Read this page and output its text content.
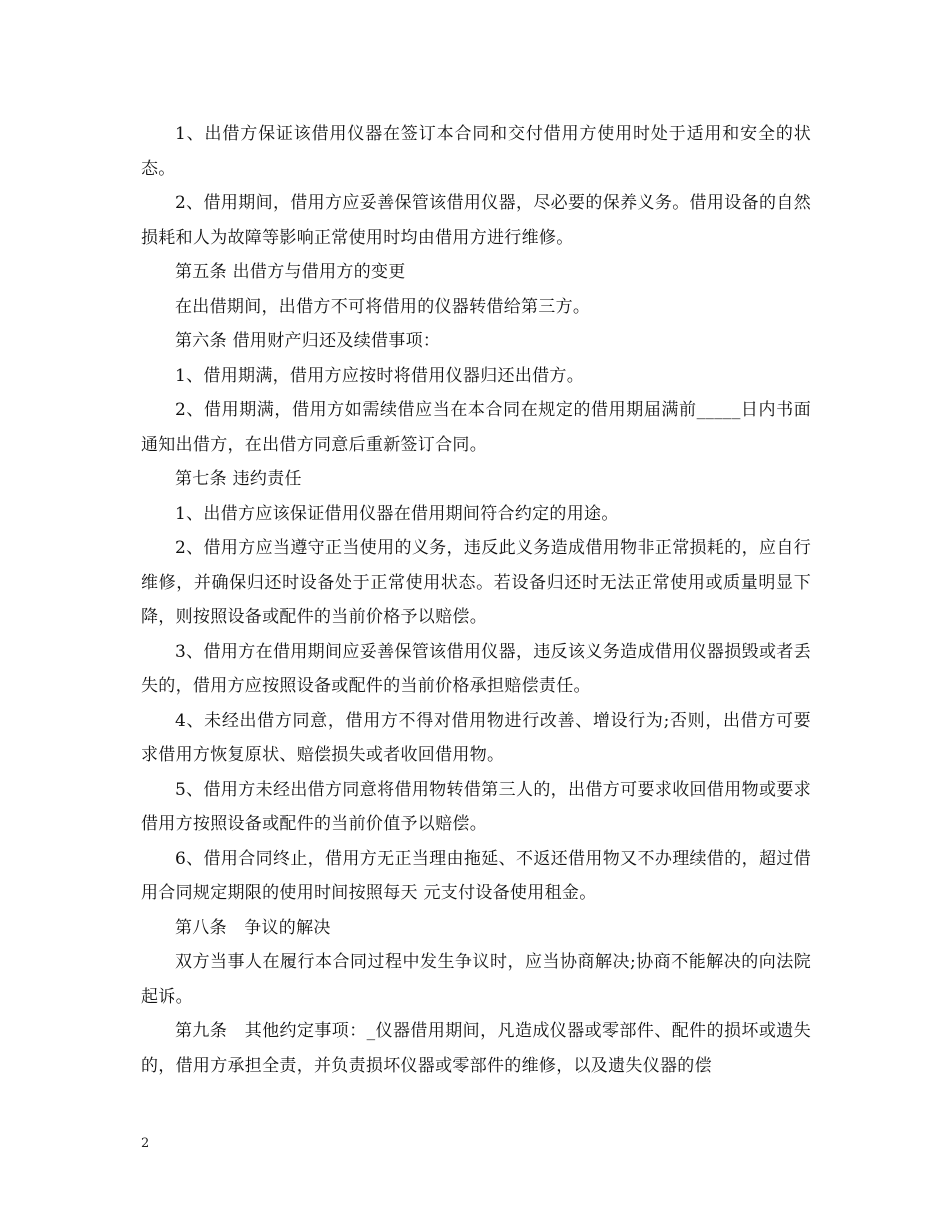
1、出借方保证该借用仪器在签订本合同和交付借用方使用时处于适用和安全的状态。

2、借用期间，借用方应妥善保管该借用仪器，尽必要的保养义务。借用设备的自然损耗和人为故障等影响正常使用时均由借用方进行维修。

第五条 出借方与借用方的变更

在出借期间，出借方不可将借用的仪器转借给第三方。

第六条 借用财产归还及续借事项：

1、借用期满，借用方应按时将借用仪器归还出借方。

2、借用期满，借用方如需续借应当在本合同在规定的借用期届满前_____日内书面通知出借方，在出借方同意后重新签订合同。

第七条 违约责任

1、出借方应该保证借用仪器在借用期间符合约定的用途。

2、借用方应当遵守正当使用的义务，违反此义务造成借用物非正常损耗的，应自行维修，并确保归还时设备处于正常使用状态。若设备归还时无法正常使用或质量明显下降，则按照设备或配件的当前价格予以赔偿。

3、借用方在借用期间应妥善保管该借用仪器，违反该义务造成借用仪器损毁或者丢失的，借用方应按照设备或配件的当前价格承担赔偿责任。

4、未经出借方同意，借用方不得对借用物进行改善、增设行为;否则，出借方可要求借用方恢复原状、赔偿损失或者收回借用物。

5、借用方未经出借方同意将借用物转借第三人的，出借方可要求收回借用物或要求借用方按照设备或配件的当前价值予以赔偿。

6、借用合同终止，借用方无正当理由拖延、不返还借用物又不办理续借的，超过借用合同规定期限的使用时间按照每天 元支付设备使用租金。

第八条　争议的解决

双方当事人在履行本合同过程中发生争议时，应当协商解决;协商不能解决的向法院起诉。

第九条　其他约定事项：_仪器借用期间，凡造成仪器或零部件、配件的损坏或遗失的，借用方承担全责，并负责损坏仪器或零部件的维修，以及遗失仪器的偿

2
